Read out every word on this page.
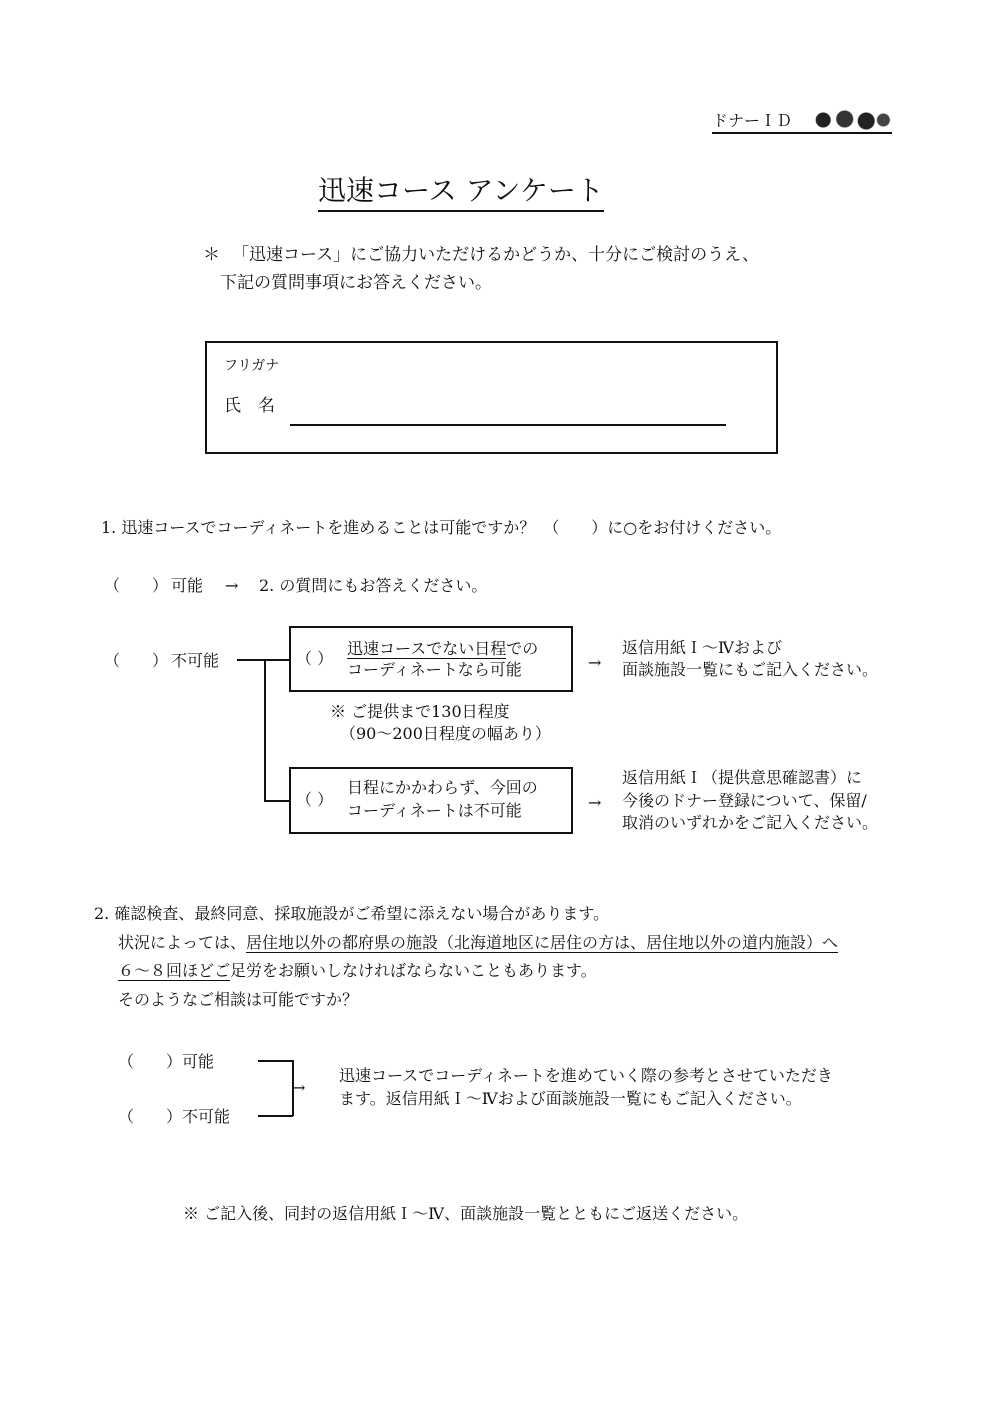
ドナーＩＤ
迅速コース アンケート
＊ 「迅速コース」にご協力いただけるかどうか、十分にご検討のうえ、
下記の質問事項にお答えください。
フリガナ
氏　名
1. 迅速コースでコーディネートを進めることは可能ですか？　（　　）に○をお付けください。
（　　） 可能 → 2. の質問にもお答えください。
（　　） 不可能	（ ）
迅速コースでない日程での
コーディネートなら可能	→
返信用紙Ｉ～Ⅳおよび
面談施設一覧にもご記入ください。
※ ご提供まで130日程度
（90～200日程度の幅あり）
（ ）
日程にかかわらず、今回の
コーディネートは不可能	→
返信用紙Ｉ（提供意思確認書）に
今後のドナー登録について、保留/
取消のいずれかをご記入ください。
2. 確認検査、最終同意、採取施設がご希望に添えない場合があります。
状況によっては、居住地以外の都府県の施設（北海道地区に居住の方は、居住地以外の道内施設）へ
６～８回ほどご足労をお願いしなければならないこともあります。
そのようなご相談は可能ですか？
（　　） 可能
（　　） 不可能
→
迅速コースでコーディネートを進めていく際の参考とさせていただき
ます。返信用紙Ｉ～Ⅳおよび面談施設一覧にもご記入ください。
※ ご記入後、同封の返信用紙Ｉ～Ⅳ、面談施設一覧とともにご返送ください。
